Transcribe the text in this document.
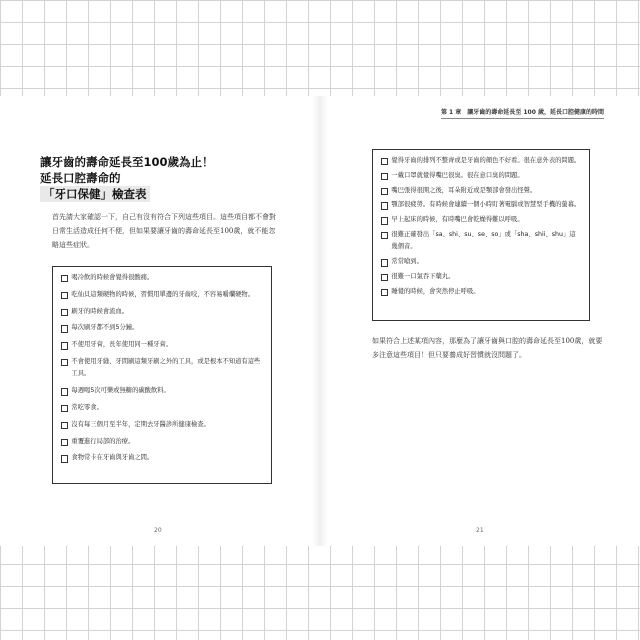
讓牙齒的壽命延長至100歲為止！
延長口腔壽命的
「牙口保健」檢查表
首先請大家確認一下，自己有沒有符合下列這些項目。這些項目都不會對日常生活造成任何不便，但如果要讓牙齒的壽命延長至100歲，就不能忽略這些症狀。
喝冷飲的時候會覺得很酸痛。
吃仙貝這類硬物的時候，習慣用單邊的牙齒咬，不容易嚼爛硬物。
刷牙的時候會流血。
每次刷牙都不到5分鐘。
不使用牙膏，長年使用同一種牙膏。
不會使用牙縫、牙間刷這類牙刷之外的工具，或是根本不知道有這些工具。
每週喝5次可樂或無糖的碳酸飲料。
常吃零食。
沒有每三個月至半年，定期去牙醫診所健康檢查。
重覆進行局部的治療。
食物常卡在牙齒與牙齒之間。
20
第 1 章　讓牙齒的壽命延長至 100 歲，延長口腔健康的時間
覺得牙齒的排列不整齊或是牙齒的顏色不好看。很在意外表的問題。
一戴口罩就覺得嘴巴很臭。很在意口臭的問題。
嘴巴張得很開之後，耳朵附近或是顎部會發出怪聲。
顎部很疲勞。有時候會連續一個小時盯著電腦或智慧型手機的螢幕。
早上起床的時候，有時嘴巴會乾燥得難以呼吸。
很難正確發出「sa、shi、su、se、so」或「sha、shii、shu」這幾個音。
常常嗆到。
很難一口氣吞下藥丸。
睡覺的時候，會突然停止呼吸。
如果符合上述某項內容，那麼為了讓牙齒與口腔的壽命延長至100歲，就要多注意這些項目！但只要養成好習慣就沒問題了。
21
